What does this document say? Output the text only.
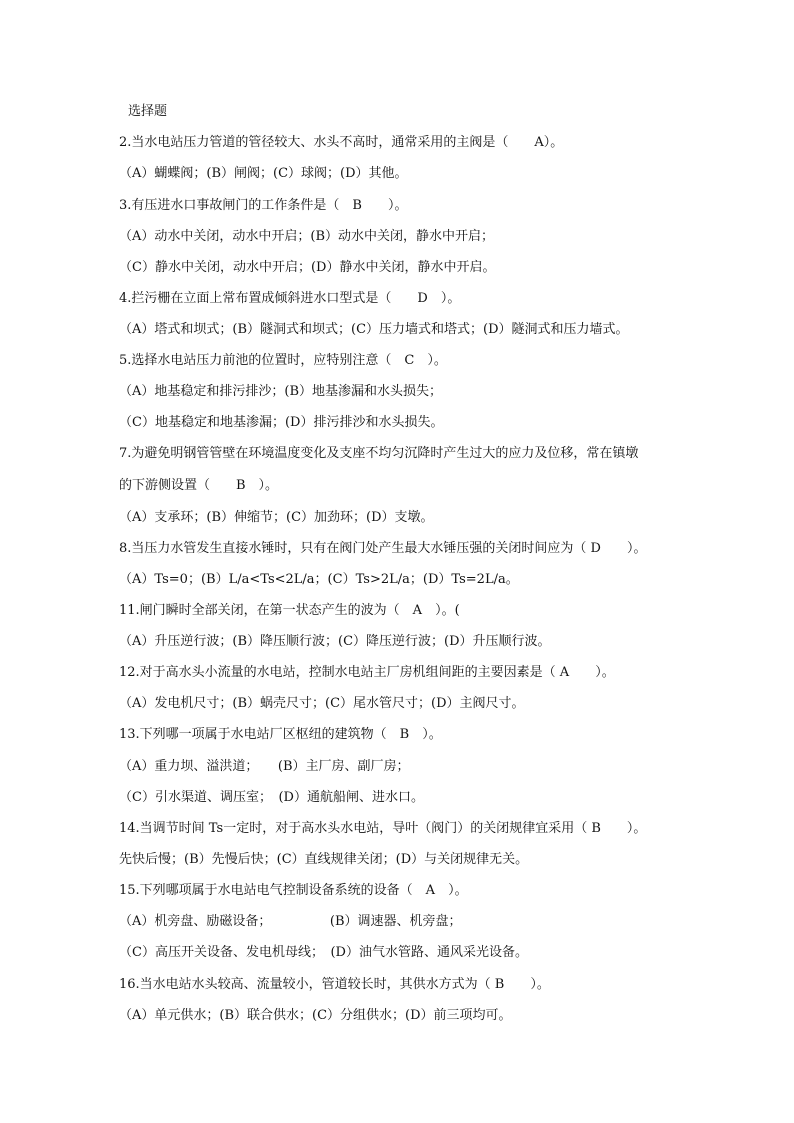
选择题
2.当水电站压力管道的管径较大、水头不高时，通常采用的主阀是（　　A）。
（A）蝴蝶阀；(B）闸阀；(C）球阀；(D）其他。
3.有压进水口事故闸门的工作条件是（　B　　）。
（A）动水中关闭，动水中开启；(B）动水中关闭，静水中开启；
（C）静水中关闭，动水中开启；(D）静水中关闭，静水中开启。
4.拦污栅在立面上常布置成倾斜进水口型式是（　　D　）。
（A）塔式和坝式；(B）隧洞式和坝式；(C）压力墙式和塔式；(D）隧洞式和压力墙式。
5.选择水电站压力前池的位置时，应特别注意（　C　）。
（A）地基稳定和排污排沙；(B）地基渗漏和水头损失；
（C）地基稳定和地基渗漏；(D）排污排沙和水头损失。
7.为避免明钢管管壁在环境温度变化及支座不均匀沉降时产生过大的应力及位移，常在镇墩
的下游侧设置（　　B　）。
（A）支承环；(B）伸缩节；(C）加劲环；(D）支墩。
8.当压力水管发生直接水锤时，只有在阀门处产生最大水锤压强的关闭时间应为（ D　　）。
（A）Ts=0；(B）L/a<Ts<2L/a；(C）Ts>2L/a；(D）Ts=2L/a。
11.闸门瞬时全部关闭，在第一状态产生的波为（　A　）。(
（A）升压逆行波；(B）降压顺行波；(C）降压逆行波；(D）升压顺行波。
12.对于高水头小流量的水电站，控制水电站主厂房机组间距的主要因素是（ A　　）。
（A）发电机尺寸；(B）蜗壳尺寸；(C）尾水管尺寸；(D）主阀尺寸。
13.下列哪一项属于水电站厂区枢纽的建筑物（　B　）。
（A）重力坝、溢洪道；　　(B）主厂房、副厂房；
（C）引水渠道、调压室；　(D）通航船闸、进水口。
14.当调节时间 Ts一定时，对于高水头水电站，导叶（阀门）的关闭规律宜采用（ B　　）。
先快后慢；(B）先慢后快；(C）直线规律关闭；(D）与关闭规律无关。
15.下列哪项属于水电站电气控制设备系统的设备（　A　）。
（A）机旁盘、励磁设备；　　　　　(B）调速器、机旁盘；
（C）高压开关设备、发电机母线；　(D）油气水管路、通风采光设备。
16.当水电站水头较高、流量较小，管道较长时，其供水方式为（ B　　）。
（A）单元供水；(B）联合供水；(C）分组供水；(D）前三项均可。
